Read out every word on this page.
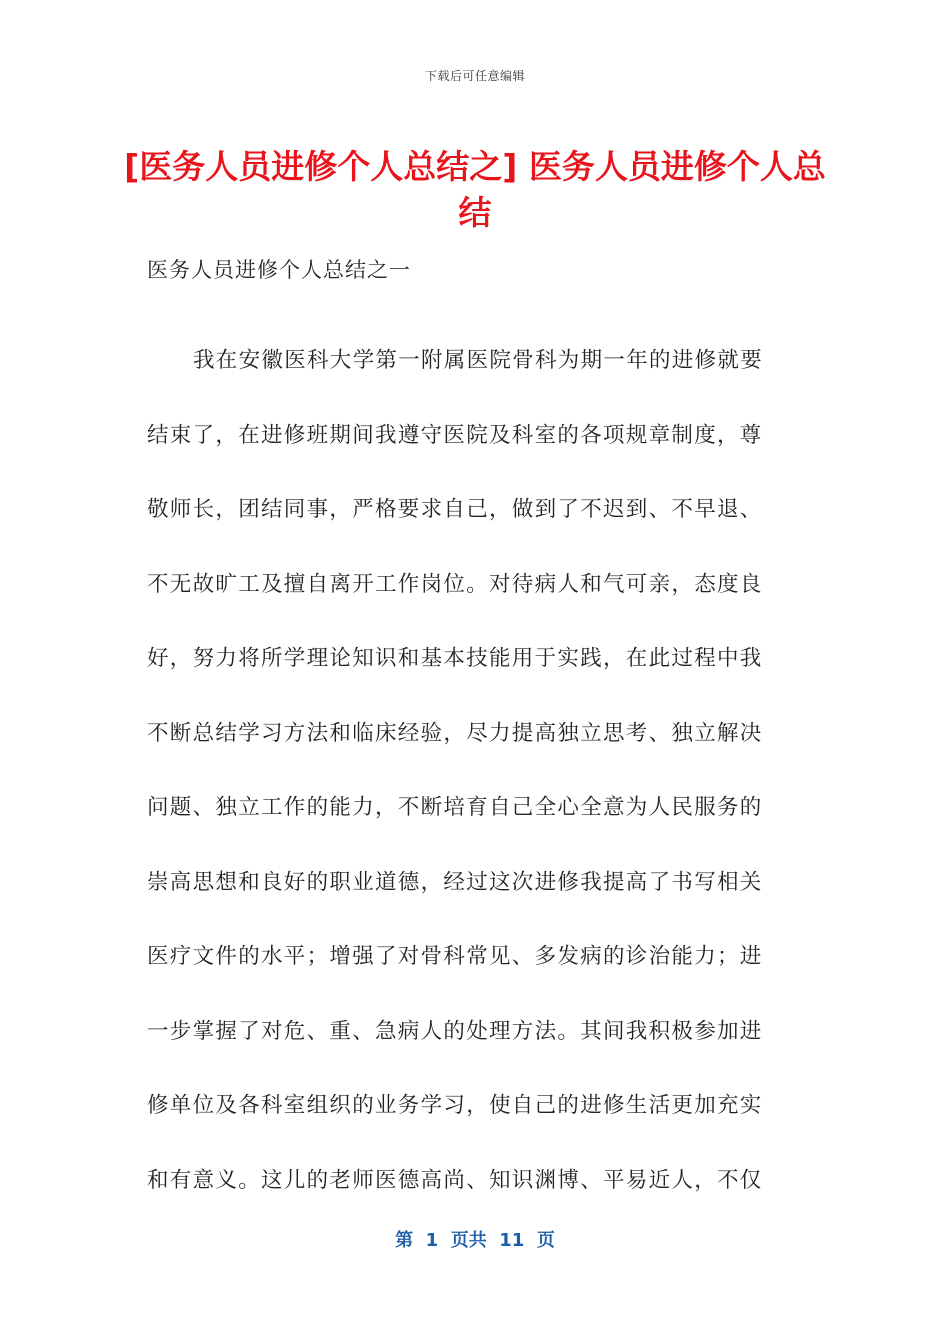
下载后可任意编辑
[医务人员进修个人总结之] 医务人员进修个人总结
医务人员进修个人总结之一
我在安徽医科大学第一附属医院骨科为期一年的进修就要
结束了，在进修班期间我遵守医院及科室的各项规章制度，尊
敬师长，团结同事，严格要求自己，做到了不迟到、不早退、
不无故旷工及擅自离开工作岗位。对待病人和气可亲，态度良
好，努力将所学理论知识和基本技能用于实践，在此过程中我
不断总结学习方法和临床经验，尽力提高独立思考、独立解决
问题、独立工作的能力，不断培育自己全心全意为人民服务的
崇高思想和良好的职业道德，经过这次进修我提高了书写相关
医疗文件的水平；增强了对骨科常见、多发病的诊治能力；进
一步掌握了对危、重、急病人的处理方法。其间我积极参加进
修单位及各科室组织的业务学习，使自己的进修生活更加充实
和有意义。这儿的老师医德高尚、知识渊博、平易近人，不仅
第  1  页共  11  页
